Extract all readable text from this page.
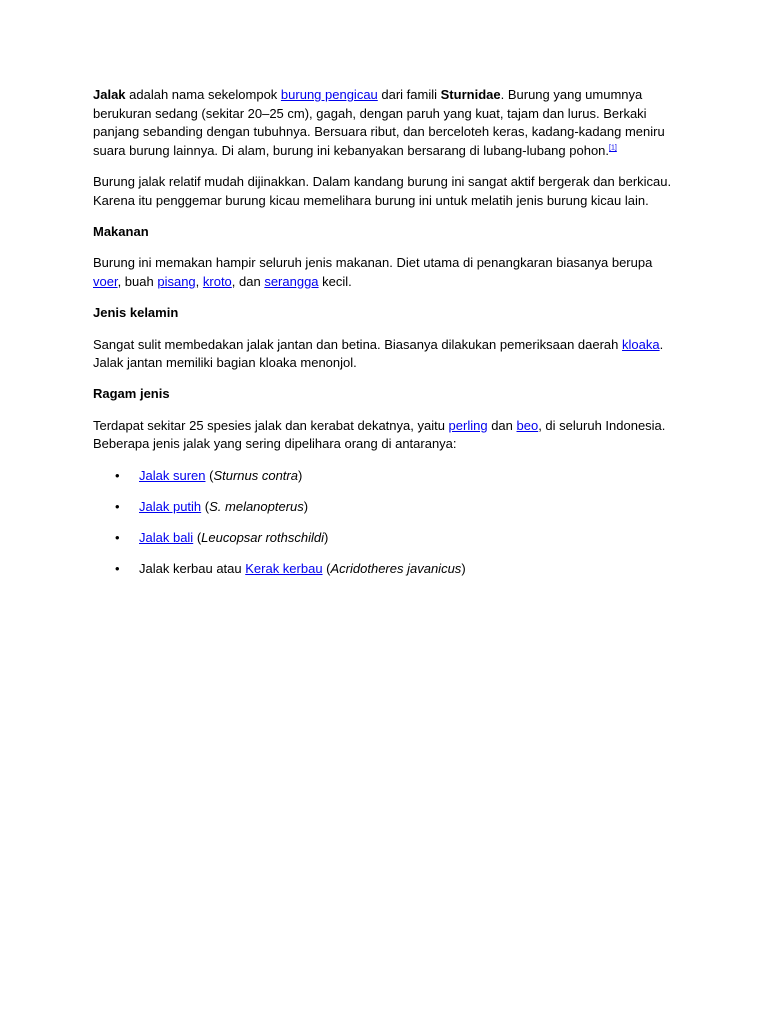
Jalak adalah nama sekelompok burung pengicau dari famili Sturnidae. Burung yang umumnya berukuran sedang (sekitar 20–25 cm), gagah, dengan paruh yang kuat, tajam dan lurus. Berkaki panjang sebanding dengan tubuhnya. Bersuara ribut, dan berceloteh keras, kadang-kadang meniru suara burung lainnya. Di alam, burung ini kebanyakan bersarang di lubang-lubang pohon.[1]

Burung jalak relatif mudah dijinakkan. Dalam kandang burung ini sangat aktif bergerak dan berkicau. Karena itu penggemar burung kicau memelihara burung ini untuk melatih jenis burung kicau lain.

Makanan

Burung ini memakan hampir seluruh jenis makanan. Diet utama di penangkaran biasanya berupa voer, buah pisang, kroto, dan serangga kecil.

Jenis kelamin

Sangat sulit membedakan jalak jantan dan betina. Biasanya dilakukan pemeriksaan daerah kloaka. Jalak jantan memiliki bagian kloaka menonjol.

Ragam jenis

Terdapat sekitar 25 spesies jalak dan kerabat dekatnya, yaitu perling dan beo, di seluruh Indonesia. Beberapa jenis jalak yang sering dipelihara orang di antaranya:

• Jalak suren (Sturnus contra)
• Jalak putih (S. melanopterus)
• Jalak bali (Leucopsar rothschildi)
• Jalak kerbau atau Kerak kerbau (Acridotheres javanicus)
